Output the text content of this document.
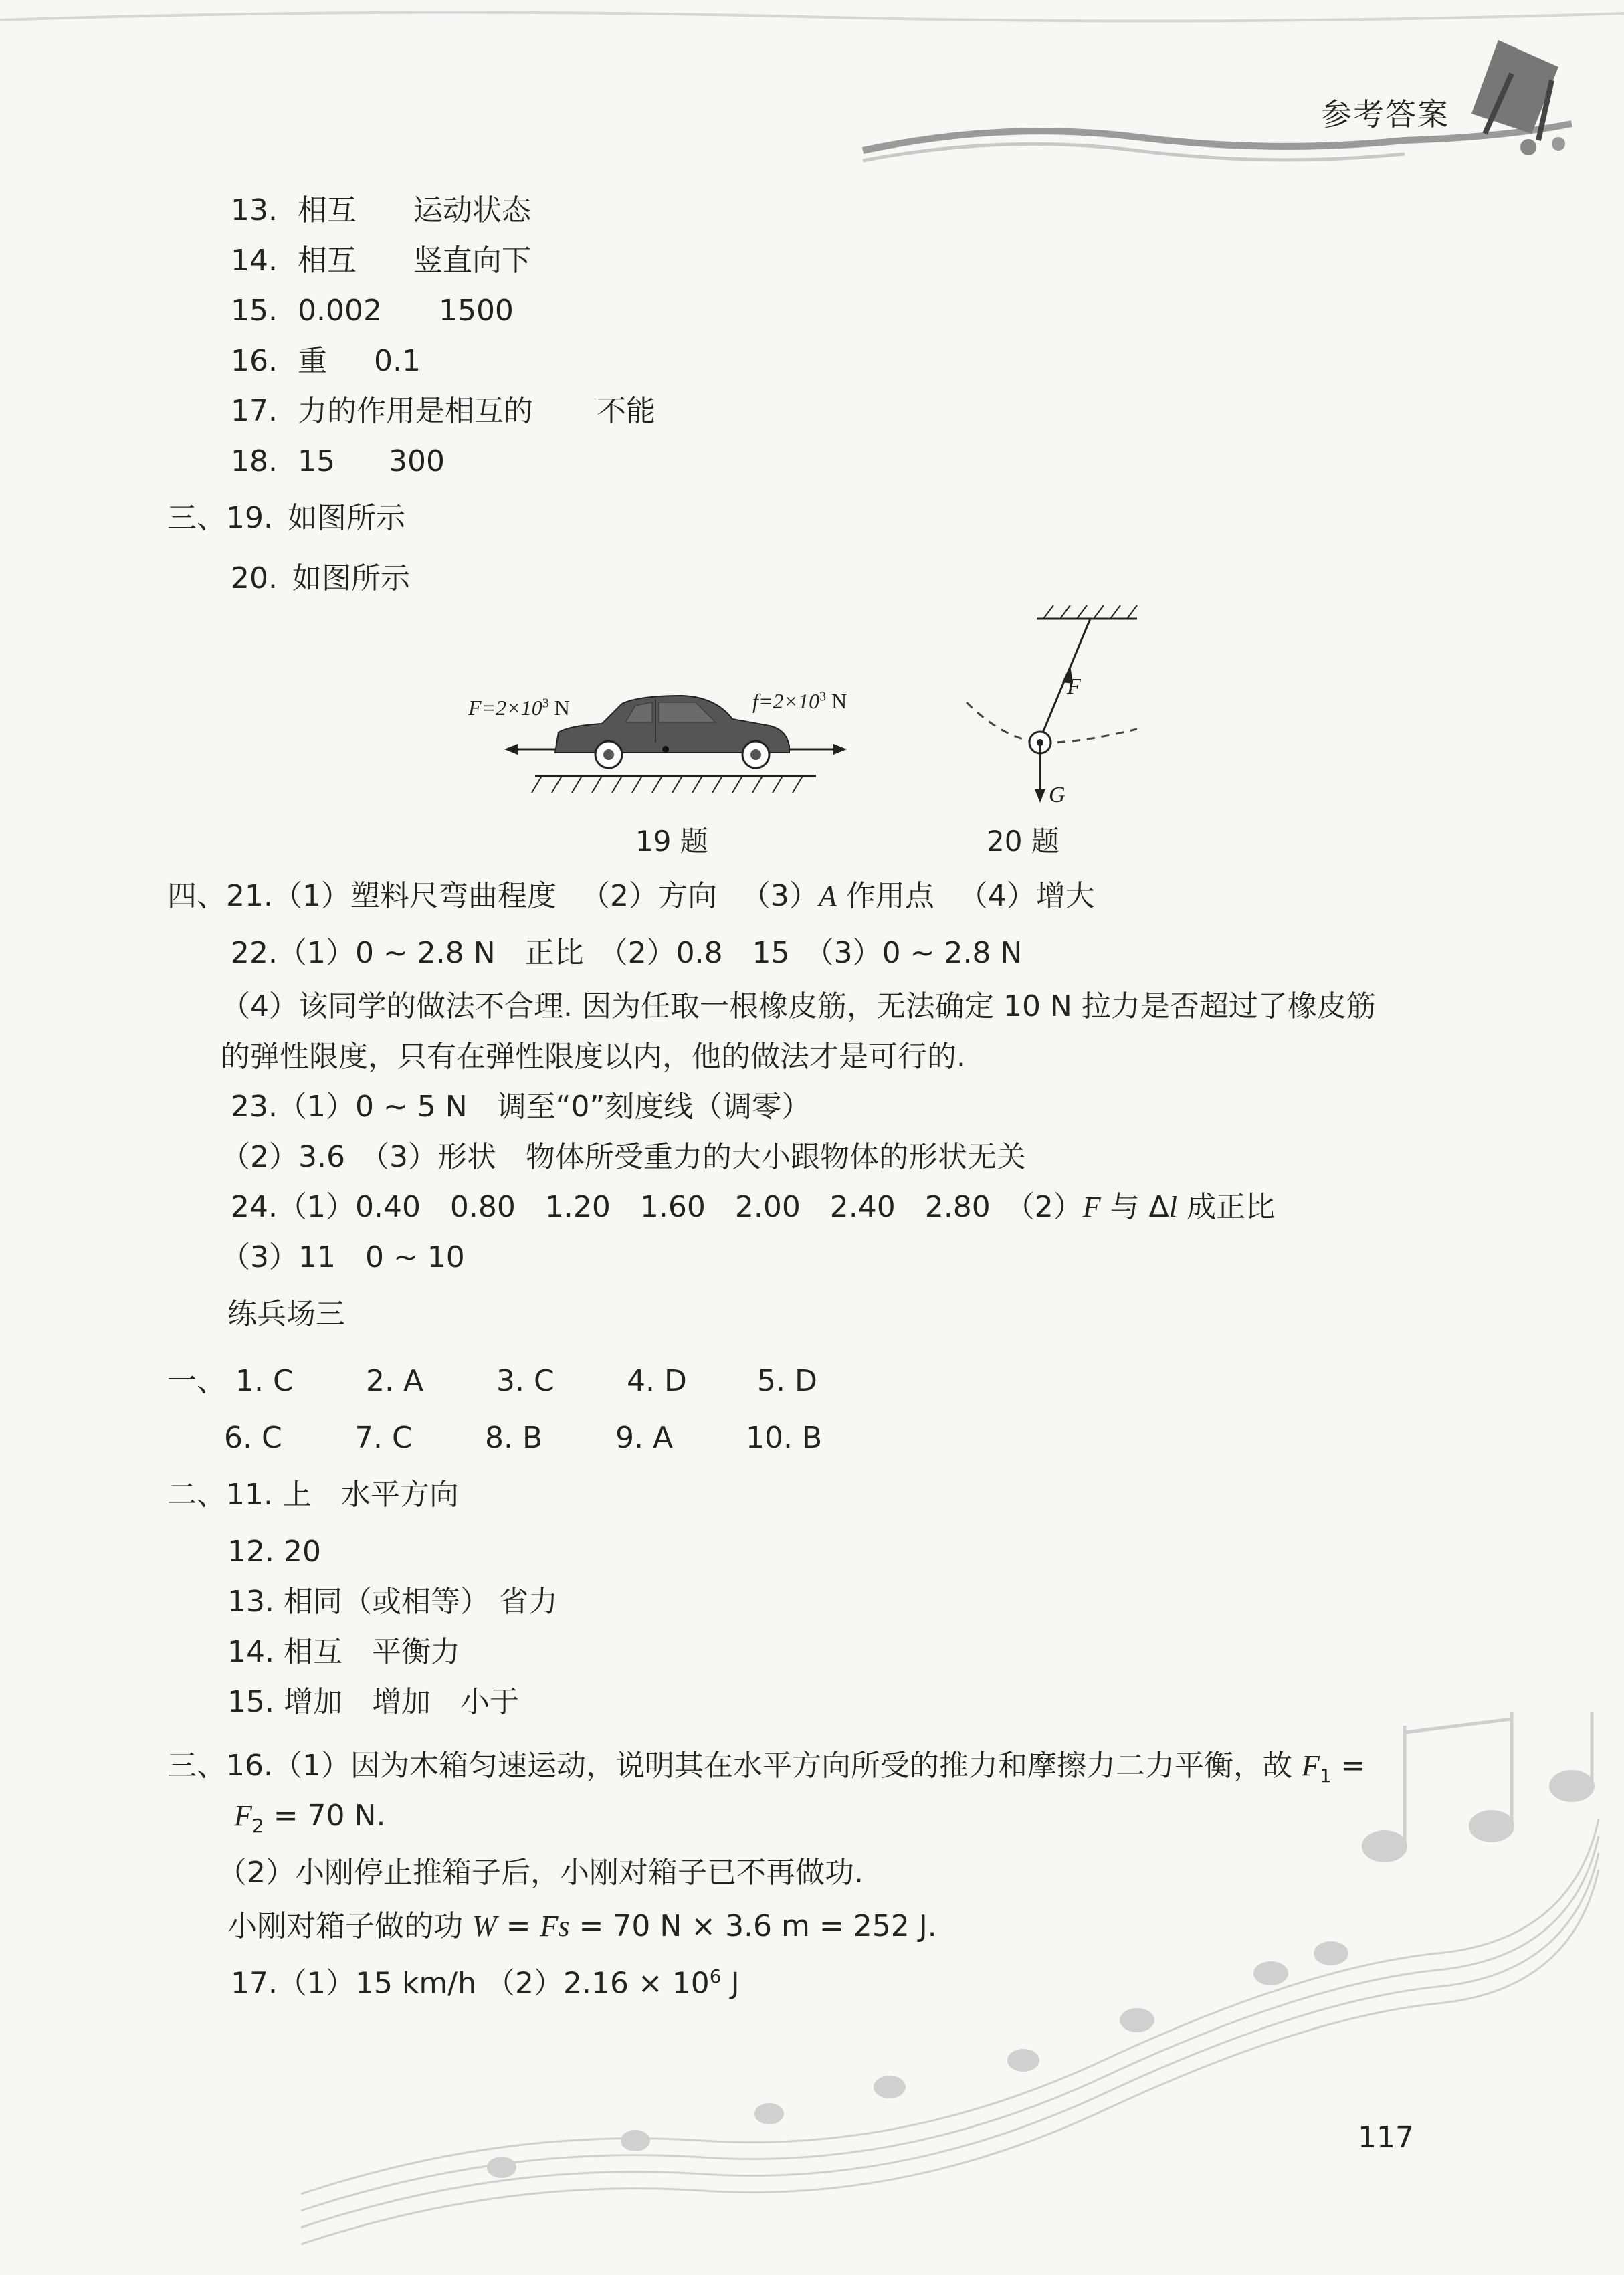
参考答案
13. 相互 运动状态
14. 相互 竖直向下
15. 0.002 1500
16. 重 0.1
17. 力的作用是相互的 不能
18. 15 300
三、19. 如图所示
20. 如图所示
$F=2\times 10^3$ N	$f=2\times 10^3$ N
19 题
F
G
20 题
四、21.（1）塑料尺弯曲程度 　（2）方向 　（3）A 作用点 　（4）增大
22.（1）0 ~ 2.8 N　正比　（2）0.8　15　（3）0 ~ 2.8 N
（4）该同学的做法不合理. 因为任取一根橡皮筋，无法确定 10 N 拉力是否超过了橡皮筋
的弹性限度，只有在弹性限度以内，他的做法才是可行的.
23.（1）0 ~ 5 N　调至“0”刻度线（调零）
（2）3.6　（3）形状　物体所受重力的大小跟物体的形状无关
24.（1）0.40　0.80　1.20　1.60　2.00　2.40　2.80　（2）F 与 Δl 成正比
（3）11　0 ~ 10
练兵场三
一、 1. C 2. A 3. C 4. D 5. D
6. C 7. C 8. B 9. A 10. B
二、11. 上　水平方向
12. 20
13. 相同（或相等） 省力
14. 相互　平衡力
15. 增加　增加　小于
三、16.（1）因为木箱匀速运动，说明其在水平方向所受的推力和摩擦力二力平衡，故 $F_1$ =
$F_2 = 70$ N.
（2）小刚停止推箱子后，小刚对箱子已不再做功.
小刚对箱子做的功 W = Fs = 70 N × 3.6 m = 252 J.
17.（1）15 km/h $(2)2.16 \times 10^6$ J
117
